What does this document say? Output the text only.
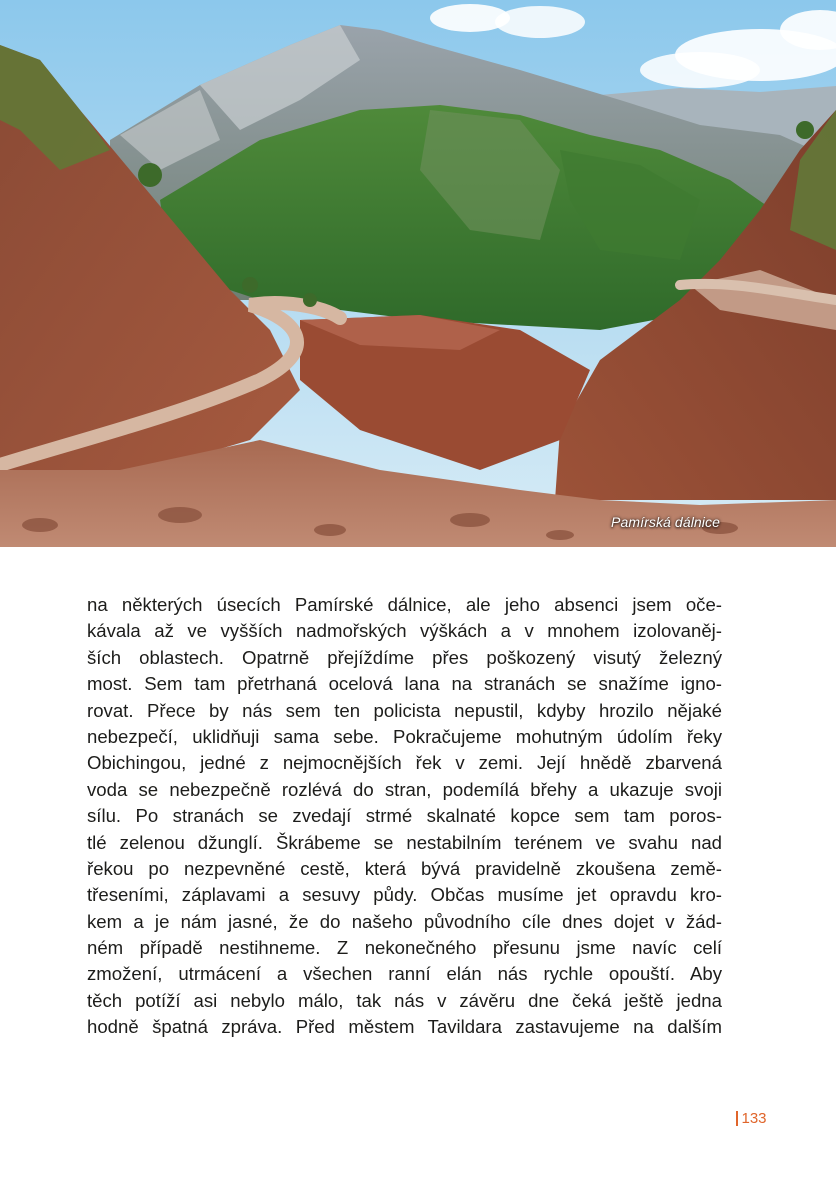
Pamírská dálnice
na některých úsecích Pamírské dálnice, ale jeho absenci jsem oče-
kávala až ve vyšších nadmořských výškách a v mnohem izolovaněj-
ších oblastech. Opatrně přejíždíme přes poškozený visutý železný
most. Sem tam přetrhaná ocelová lana na stranách se snažíme igno-
rovat. Přece by nás sem ten policista nepustil, kdyby hrozilo nějaké
nebezpečí, uklidňuji sama sebe. Pokračujeme mohutným údolím řeky
Obichingou, jedné z nejmocnějších řek v zemi. Její hnědě zbarvená
voda se nebezpečně rozlévá do stran, podemílá břehy a ukazuje svoji
sílu. Po stranách se zvedají strmé skalnaté kopce sem tam poros-
tlé zelenou džunglí. Škrábeme se nestabilním terénem ve svahu nad
řekou po nezpevněné cestě, která bývá pravidelně zkoušena země-
třeseními, záplavami a sesuvy půdy. Občas musíme jet opravdu kro-
kem a je nám jasné, že do našeho původního cíle dnes dojet v žád-
ném případě nestihneme. Z nekonečného přesunu jsme navíc celí
zmožení, utrmácení a všechen ranní elán nás rychle opouští. Aby
těch potíží asi nebylo málo, tak nás v závěru dne čeká ještě jedna
hodně špatná zpráva. Před městem Tavildara zastavujeme na dalším
133
